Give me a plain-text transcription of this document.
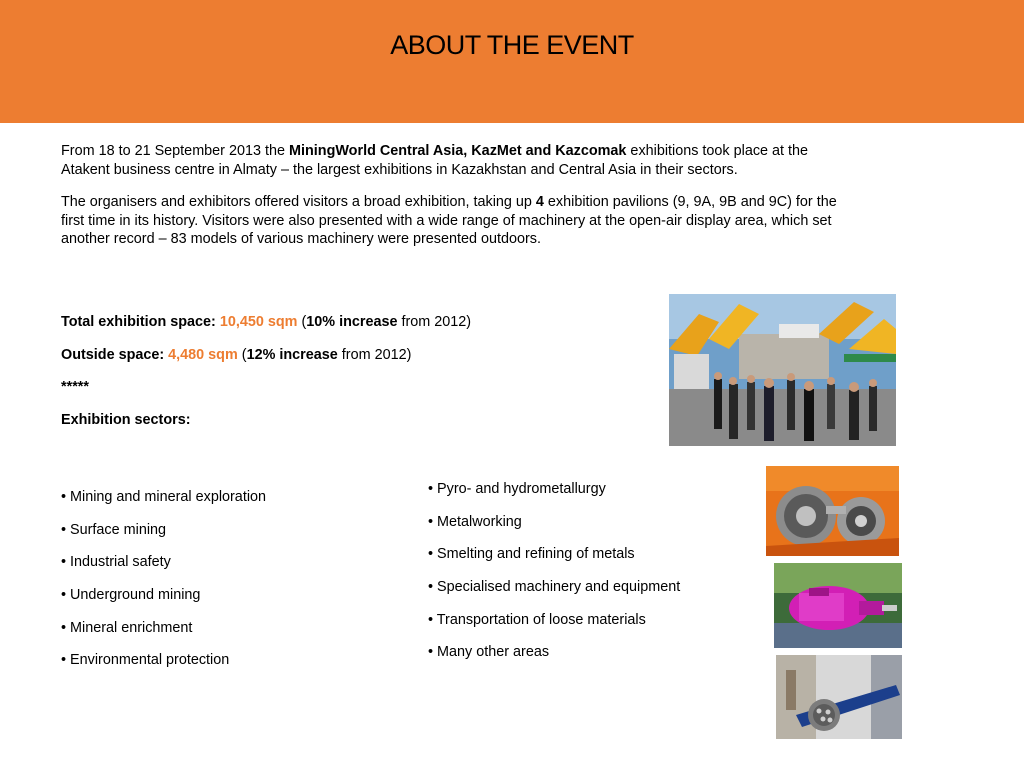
ABOUT THE EVENT

From 18 to 21 September 2013 the MiningWorld Central Asia, KazMet and Kazcomak exhibitions took place at the Atakent business centre in Almaty – the largest exhibitions in Kazakhstan and Central Asia in their sectors.

The organisers and exhibitors offered visitors a broad exhibition, taking up 4 exhibition pavilions (9, 9A, 9B and 9C) for the first time in its history. Visitors were also presented with a wide range of machinery at the open-air display area, which set another record – 83 models of various machinery were presented outdoors.

Total exhibition space: 10,450 sqm (10% increase from 2012)
Outside space: 4,480 sqm (12% increase from 2012)
*****
Exhibition sectors:
• Mining and mineral exploration
• Surface mining
• Industrial safety
• Underground mining
• Mineral enrichment
• Environmental protection
• Pyro- and hydrometallurgy
• Metalworking
• Smelting and refining of metals
• Specialised machinery and equipment
• Transportation of loose materials
• Many other areas
